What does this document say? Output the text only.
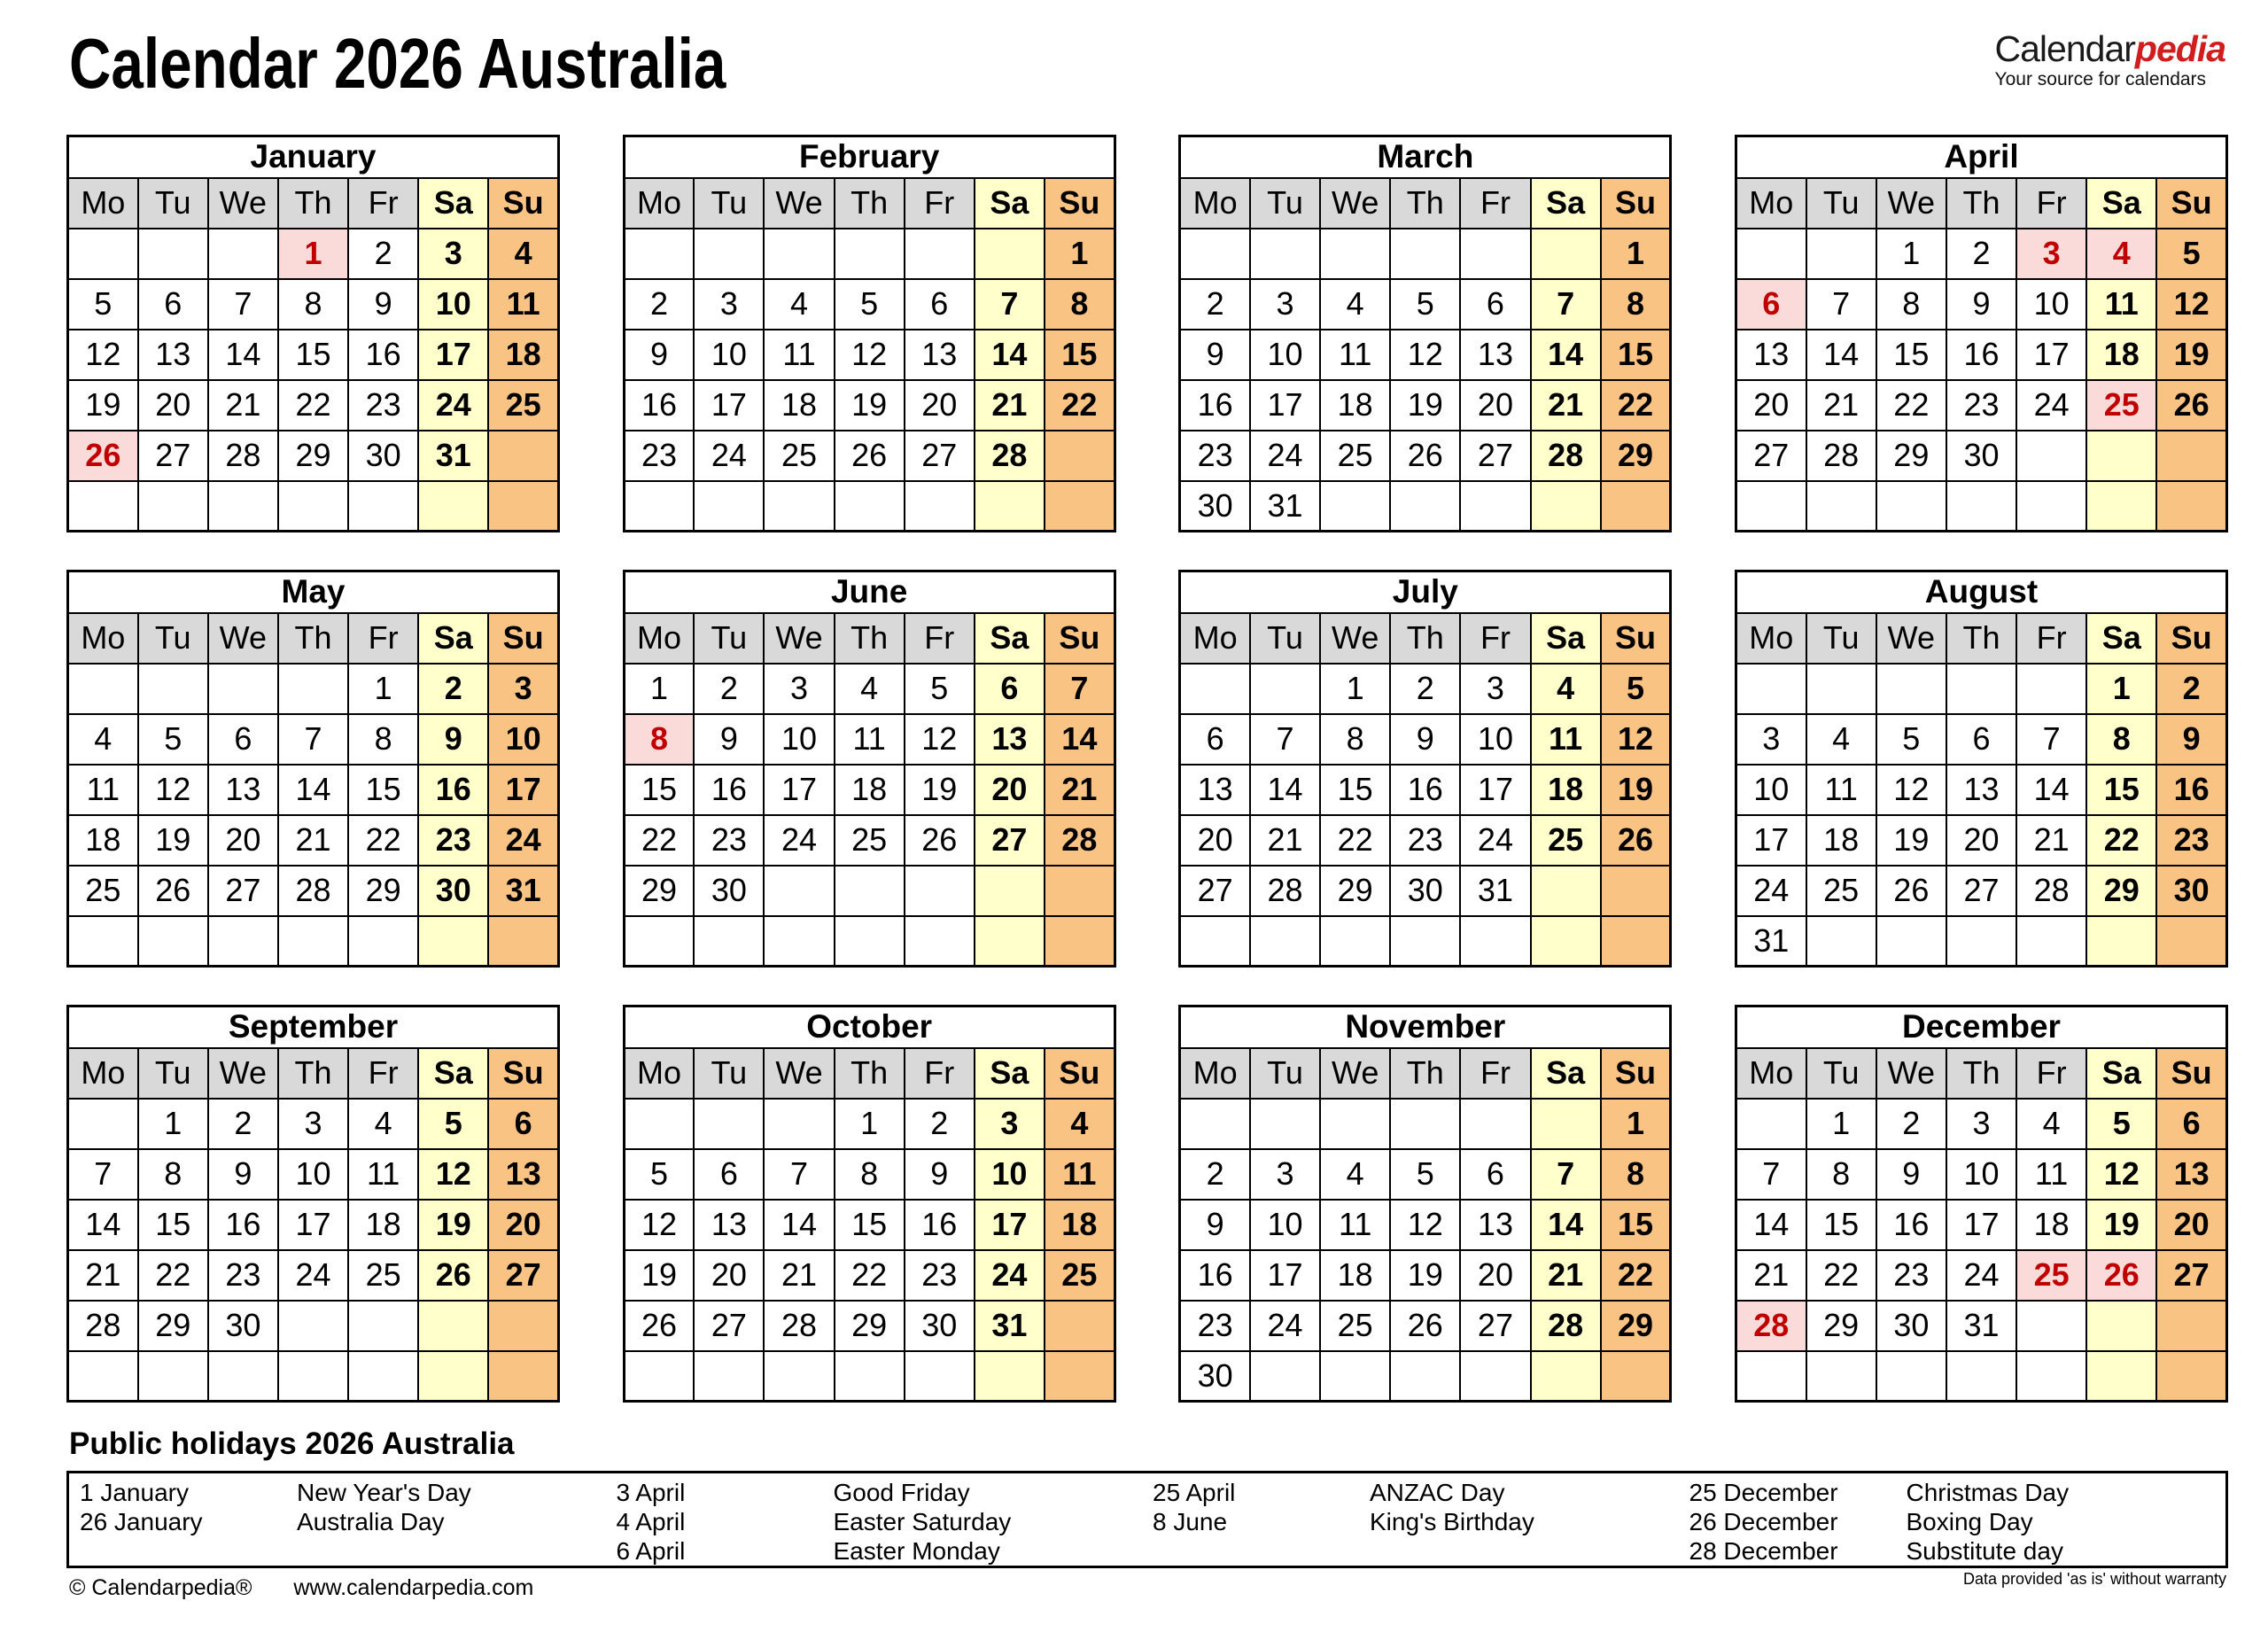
Calendar 2026 Australia	Calendarpedia
Your source for calendars
January						
Mo	Tu	We	Th	Fr	Sa	Su
			1	2	3	4
5	6	7	8	9	10	11
12	13	14	15	16	17	18
19	20	21	22	23	24	25
26	27	28	29	30	31	

February						
Mo	Tu	We	Th	Fr	Sa	Su
						1
2	3	4	5	6	7	8
9	10	11	12	13	14	15
16	17	18	19	20	21	22
23	24	25	26	27	28	

March						
Mo	Tu	We	Th	Fr	Sa	Su
						1
2	3	4	5	6	7	8
9	10	11	12	13	14	15
16	17	18	19	20	21	22
23	24	25	26	27	28	29
30	31					
April						
Mo	Tu	We	Th	Fr	Sa	Su
		1	2	3	4	5
6	7	8	9	10	11	12
13	14	15	16	17	18	19
20	21	22	23	24	25	26
27	28	29	30			

May						
Mo	Tu	We	Th	Fr	Sa	Su
				1	2	3
4	5	6	7	8	9	10
11	12	13	14	15	16	17
18	19	20	21	22	23	24
25	26	27	28	29	30	31

June						
Mo	Tu	We	Th	Fr	Sa	Su
1	2	3	4	5	6	7
8	9	10	11	12	13	14
15	16	17	18	19	20	21
22	23	24	25	26	27	28
29	30					

July						
Mo	Tu	We	Th	Fr	Sa	Su
		1	2	3	4	5
6	7	8	9	10	11	12
13	14	15	16	17	18	19
20	21	22	23	24	25	26
27	28	29	30	31		

August						
Mo	Tu	We	Th	Fr	Sa	Su
					1	2
3	4	5	6	7	8	9
10	11	12	13	14	15	16
17	18	19	20	21	22	23
24	25	26	27	28	29	30
31						
September						
Mo	Tu	We	Th	Fr	Sa	Su
	1	2	3	4	5	6
7	8	9	10	11	12	13
14	15	16	17	18	19	20
21	22	23	24	25	26	27
28	29	30				

October						
Mo	Tu	We	Th	Fr	Sa	Su
			1	2	3	4
5	6	7	8	9	10	11
12	13	14	15	16	17	18
19	20	21	22	23	24	25
26	27	28	29	30	31	

November						
Mo	Tu	We	Th	Fr	Sa	Su
						1
2	3	4	5	6	7	8
9	10	11	12	13	14	15
16	17	18	19	20	21	22
23	24	25	26	27	28	29
30						
December						
Mo	Tu	We	Th	Fr	Sa	Su
	1	2	3	4	5	6
7	8	9	10	11	12	13
14	15	16	17	18	19	20
21	22	23	24	25	26	27
28	29	30	31			

Public holidays 2026 Australia
1 January	New Year's Day
26 January	Australia Day
3 April	Good Friday
4 April	Easter Saturday
6 April	Easter Monday
25 April	ANZAC Day
8 June	King's Birthday
25 December	Christmas Day
26 December	Boxing Day
28 December	Substitute day
© Calendarpedia® www.calendarpedia.com	Data provided 'as is' without warranty
